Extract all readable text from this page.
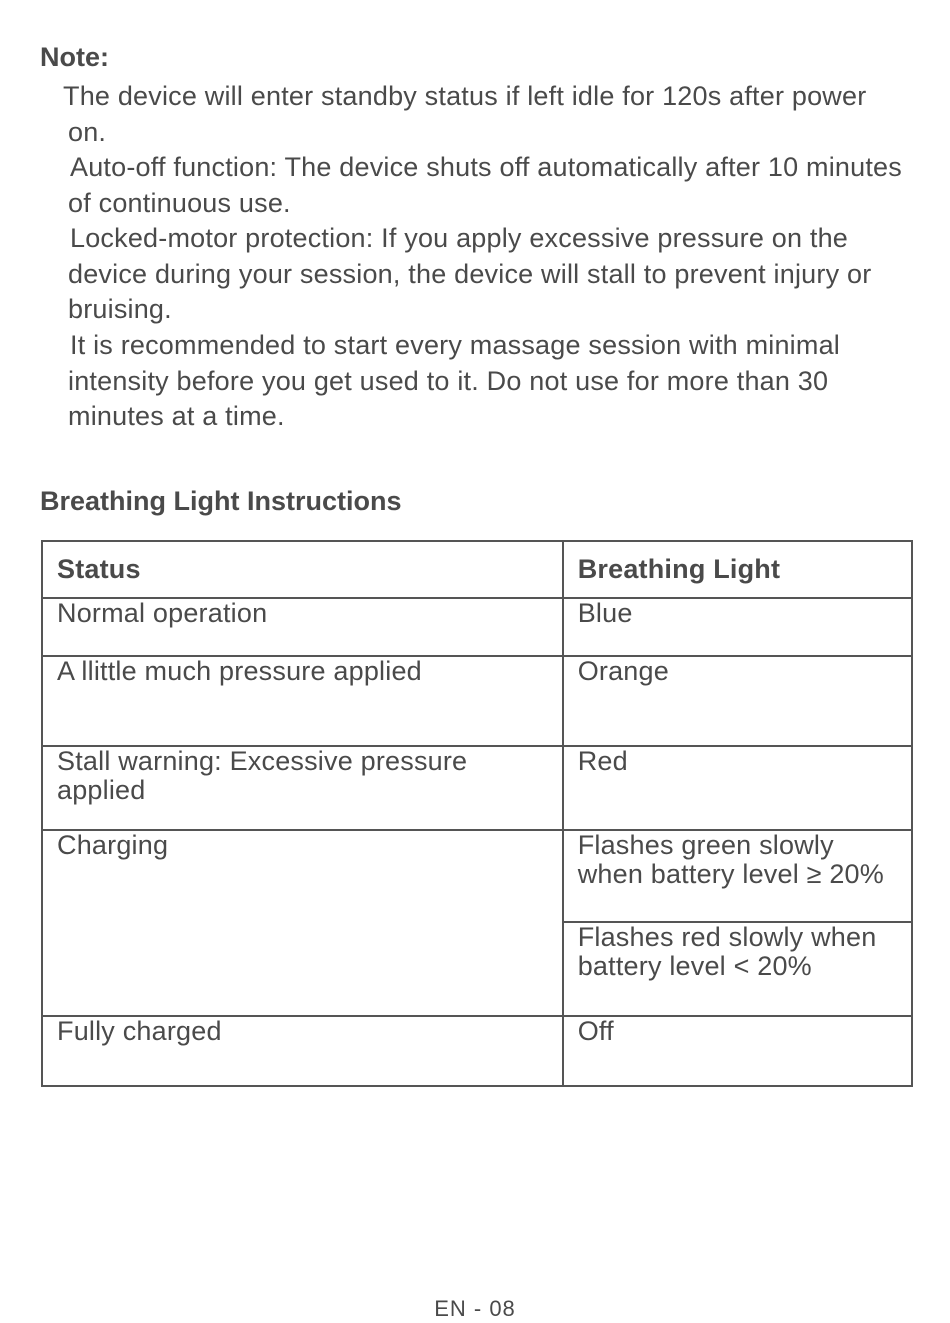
Note:

The device will enter standby status if left idle for 120s after power on.

Auto-off function: The device shuts off automatically after 10 minutes of continuous use.

Locked-motor protection: If you apply excessive pressure on the device during your session, the device will stall to prevent injury or bruising.

It is recommended to start every massage session with minimal intensity before you get used to it. Do not use for more than 30 minutes at a time.

Breathing Light Instructions
Status	Breathing Light
Normal operation	Blue
A llittle much pressure applied	Orange
Stall warning: Excessive pressure applied	Red
Charging	Flashes green slowly when battery level ≥ 20%
	Flashes red slowly when battery level < 20%
Fully charged	Off
EN - 08
